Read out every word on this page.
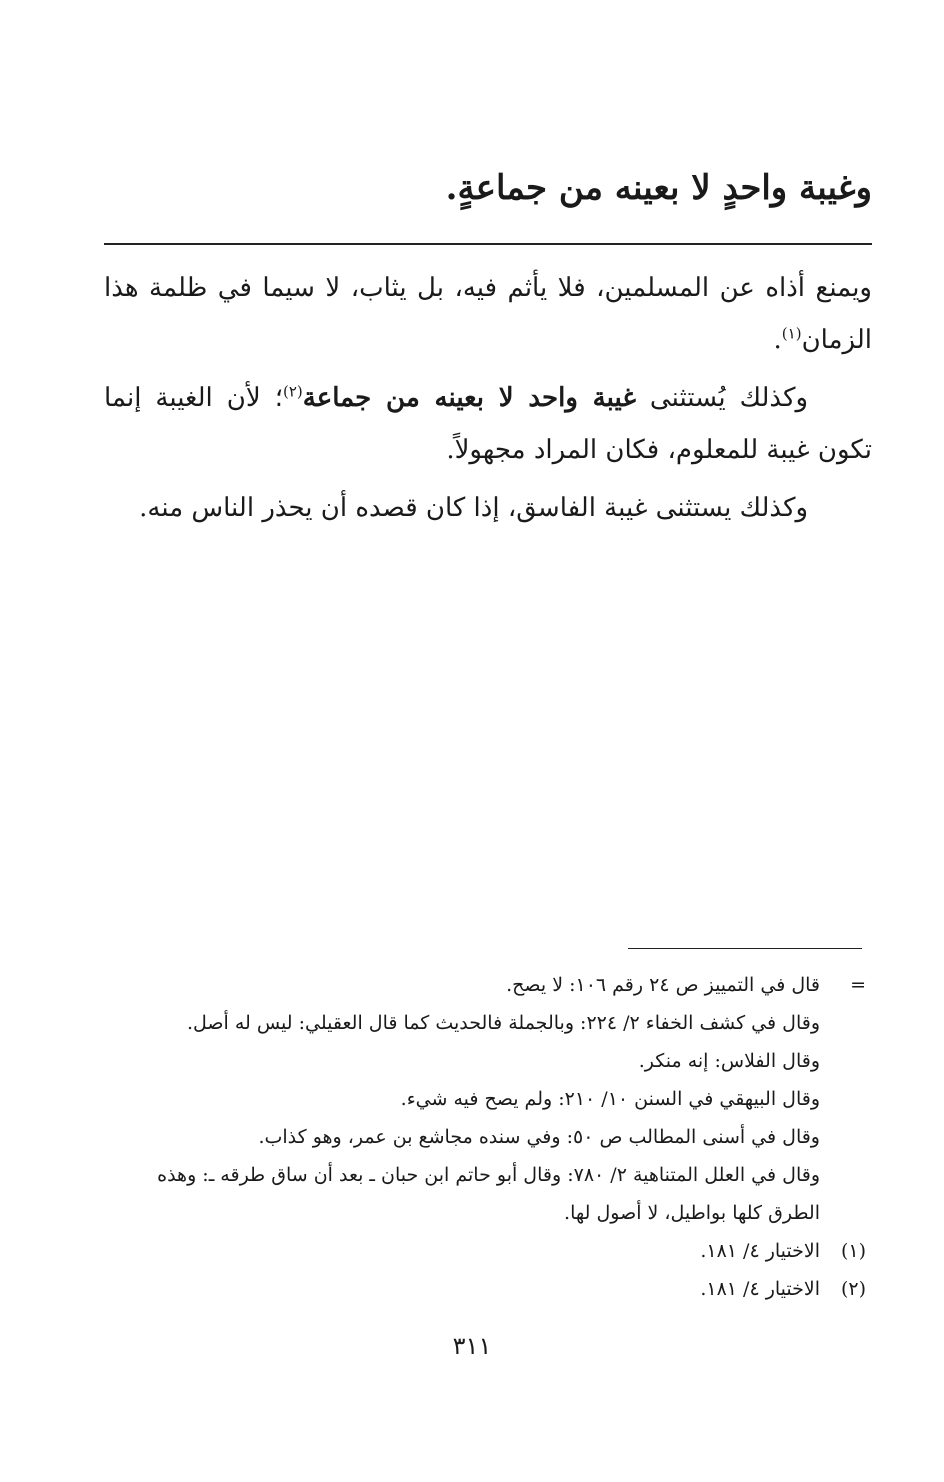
وغيبة واحدٍ لا بعينه من جماعةٍ.

ويمنع أذاه عن المسلمين، فلا يأثم فيه، بل يثاب، لا سيما في ظلمة هذا الزمان$^{(١)}$.

وكذلك يُستثنى غيبة واحد لا بعينه من جماعة$^{(٢)}$؛ لأن الغيبة إنما تكون غيبة للمعلوم، فكان المراد مجهولاً.

وكذلك يستثنى غيبة الفاسق، إذا كان قصده أن يحذر الناس منه.

=
قال في التمييز ص ٢٤ رقم ١٠٦: لا يصح.
وقال في كشف الخفاء ٢/ ٢٢٤: وبالجملة فالحديث كما قال العقيلي: ليس له أصل.
وقال الفلاس: إنه منكر.
وقال البيهقي في السنن ١٠/ ٢١٠: ولم يصح فيه شيء.
وقال في أسنى المطالب ص ٥٠: وفي سنده مجاشع بن عمر، وهو كذاب.
وقال في العلل المتناهية ٢/ ٧٨٠: وقال أبو حاتم ابن حبان ـ بعد أن ساق طرقه ـ: وهذه الطرق كلها بواطيل، لا أصول لها.
(١)
الاختيار ٤/ ١٨١.
(٢)
الاختيار ٤/ ١٨١.
٣١١
